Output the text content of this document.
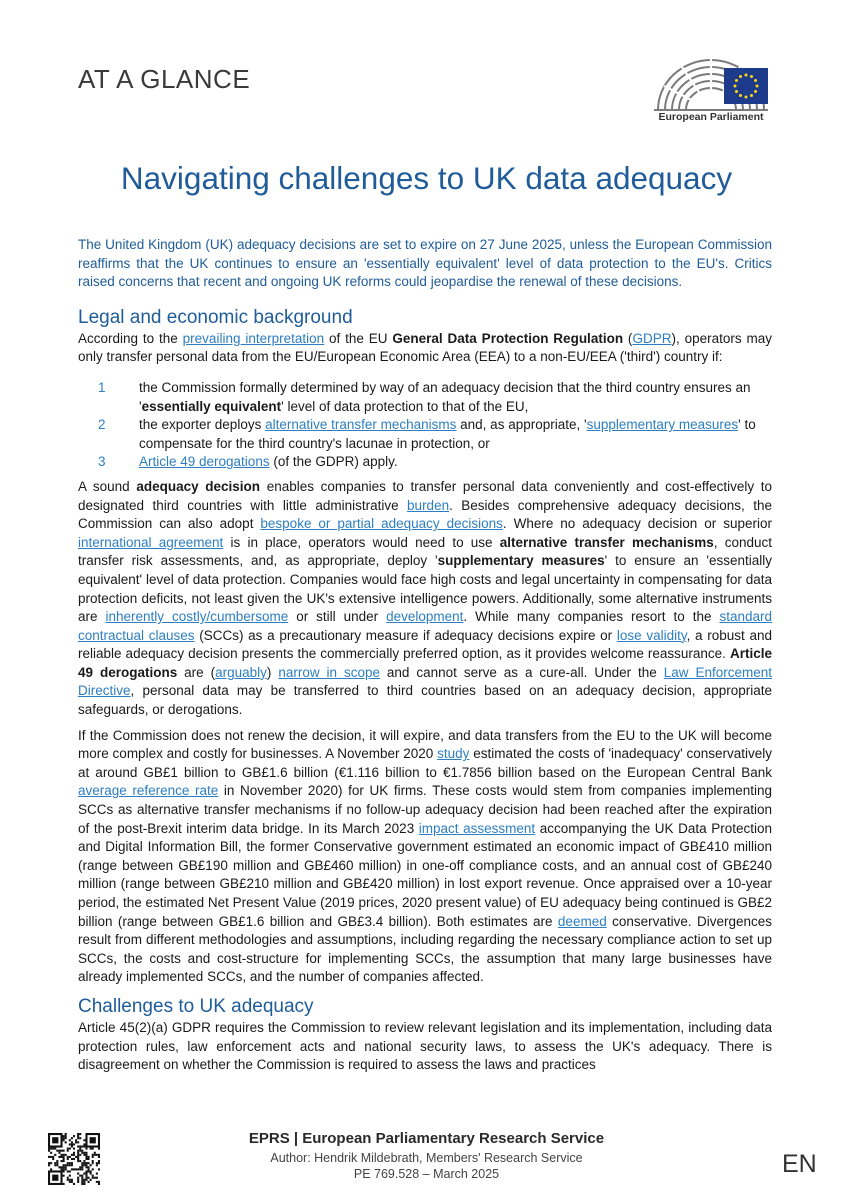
AT A GLANCE
European Parliament
Navigating challenges to UK data adequacy

The United Kingdom (UK) adequacy decisions are set to expire on 27 June 2025, unless the European Commission reaffirms that the UK continues to ensure an 'essentially equivalent' level of data protection to the EU's. Critics raised concerns that recent and ongoing UK reforms could jeopardise the renewal of these decisions.

Legal and economic background

According to the prevailing interpretation of the EU General Data Protection Regulation (GDPR), operators may only transfer personal data from the EU/European Economic Area (EEA) to a non-EU/EEA ('third') country if:

1 the Commission formally determined by way of an adequacy decision that the third country ensures an 'essentially equivalent' level of data protection to that of the EU,
2 the exporter deploys alternative transfer mechanisms and, as appropriate, 'supplementary measures' to compensate for the third country's lacunae in protection, or
3 Article 49 derogations (of the GDPR) apply.

A sound adequacy decision enables companies to transfer personal data conveniently and cost-effectively to designated third countries with little administrative burden. Besides comprehensive adequacy decisions, the Commission can also adopt bespoke or partial adequacy decisions. Where no adequacy decision or superior international agreement is in place, operators would need to use alternative transfer mechanisms, conduct transfer risk assessments, and, as appropriate, deploy 'supplementary measures' to ensure an 'essentially equivalent' level of data protection. Companies would face high costs and legal uncertainty in compensating for data protection deficits, not least given the UK's extensive intelligence powers. Additionally, some alternative instruments are inherently costly/cumbersome or still under development. While many companies resort to the standard contractual clauses (SCCs) as a precautionary measure if adequacy decisions expire or lose validity, a robust and reliable adequacy decision presents the commercially preferred option, as it provides welcome reassurance. Article 49 derogations are (arguably) narrow in scope and cannot serve as a cure-all. Under the Law Enforcement Directive, personal data may be transferred to third countries based on an adequacy decision, appropriate safeguards, or derogations.

If the Commission does not renew the decision, it will expire, and data transfers from the EU to the UK will become more complex and costly for businesses. A November 2020 study estimated the costs of 'inadequacy' conservatively at around GB£1 billion to GB£1.6 billion (€1.116 billion to €1.7856 billion based on the European Central Bank average reference rate in November 2020) for UK firms. These costs would stem from companies implementing SCCs as alternative transfer mechanisms if no follow-up adequacy decision had been reached after the expiration of the post-Brexit interim data bridge. In its March 2023 impact assessment accompanying the UK Data Protection and Digital Information Bill, the former Conservative government estimated an economic impact of GB£410 million (range between GB£190 million and GB£460 million) in one-off compliance costs, and an annual cost of GB£240 million (range between GB£210 million and GB£420 million) in lost export revenue. Once appraised over a 10-year period, the estimated Net Present Value (2019 prices, 2020 present value) of EU adequacy being continued is GB£2 billion (range between GB£1.6 billion and GB£3.4 billion). Both estimates are deemed conservative. Divergences result from different methodologies and assumptions, including regarding the necessary compliance action to set up SCCs, the costs and cost-structure for implementing SCCs, the assumption that many large businesses have already implemented SCCs, and the number of companies affected.

Challenges to UK adequacy

Article 45(2)(a) GDPR requires the Commission to review relevant legislation and its implementation, including data protection rules, law enforcement acts and national security laws, to assess the UK's adequacy. There is disagreement on whether the Commission is required to assess the laws and practices

EPRS | European Parliamentary Research Service
Author: Hendrik Mildebrath, Members' Research Service
PE 769.528 – March 2025	EN
